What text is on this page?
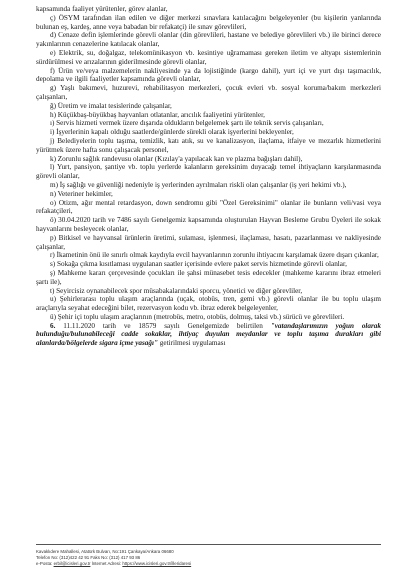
kapsamında faaliyet yürütenler, görev alanlar,

ç) ÖSYM tarafından ilan edilen ve diğer merkezi sınavlara katılacağını belgeleyenler (bu kişilerin yanlarında bulunan eş, kardeş, anne veya babadan bir refakatçi) ile sınav görevlileri,

d) Cenaze defin işlemlerinde görevli olanlar (din görevlileri, hastane ve belediye görevlileri vb.) ile birinci derece yakınlarının cenazelerine katılacak olanlar,

e) Elektrik, su, doğalgaz, telekomünikasyon vb. kesintiye uğramaması gereken iletim ve altyapı sistemlerinin sürdürülmesi ve arızalarının giderilmesinde görevli olanlar,

f) Ürün ve/veya malzemelerin nakliyesinde ya da lojistiğinde (kargo dahil), yurt içi ve yurt dışı taşımacılık, depolama ve ilgili faaliyetler kapsamında görevli olanlar,

g) Yaşlı bakımevi, huzurevi, rehabilitasyon merkezleri, çocuk evleri vb. sosyal koruma/bakım merkezleri çalışanları,

ğ) Üretim ve imalat tesislerinde çalışanlar,

h) Küçükbaş-büyükbaş hayvanları otlatanlar, arıcılık faaliyetini yürütenler,

ı) Servis hizmeti vermek üzere dışarıda oldukların belgelemek şartı ile teknik servis çalışanları,

i) İşyerlerinin kapalı olduğu saatlerde/günlerde sürekli olarak işyerlerini bekleyenler,

j) Belediyelerin toplu taşıma, temizlik, katı atık, su ve kanalizasyon, ilaçlama, itfaiye ve mezarlık hizmetlerini yürütmek üzere hafta sonu çalışacak personel,

k) Zorunlu sağlık randevusu olanlar (Kızılay'a yapılacak kan ve plazma bağışları dahil),

l) Yurt, pansiyon, şantiye vb. toplu yerlerde kalanların gereksinim duyacağı temel ihtiyaçların karşılanmasında görevli olanlar,

m) İş sağlığı ve güvenliği nedeniyle iş yerlerinden ayrılmaları riskli olan çalışanlar (iş yeri hekimi vb.),

n) Veteriner hekimler,

o) Otizm, ağır mental retardasyon, down sendromu gibi "Özel Gereksinimi" olanlar ile bunların veli/vasi veya refakatçileri,

ö) 30.04.2020 tarih ve 7486 sayılı Genelgemiz kapsamında oluşturulan Hayvan Besleme Grubu Üyeleri ile sokak hayvanlarını besleyecek olanlar,

p) Bitkisel ve hayvansal ürünlerin üretimi, sulaması, işlenmesi, ilaçlaması, hasatı, pazarlanması ve nakliyesinde çalışanlar,

r) İkametinin önü ile sınırlı olmak kaydıyla evcil hayvanlarının zorunlu ihtiyacını karşılamak üzere dışarı çıkanlar,

s) Sokağa çıkma kısıtlaması uygulanan saatler içerisinde evlere paket servis hizmetinde görevli olanlar,

ş) Mahkeme kararı çerçevesinde çocukları ile şahsi münasebet tesis edecekler (mahkeme kararını ibraz etmeleri şartı ile),

t) Seyircisiz oynanabilecek spor müsabakalarındaki sporcu, yönetici ve diğer görevliler,

u) Şehirlerarası toplu ulaşım araçlarında (uçak, otobüs, tren, gemi vb.) görevli olanlar ile bu toplu ulaşım araçlarıyla seyahat edeceğini bilet, rezervasyon kodu vb. ibraz ederek belgeleyenler,

ü) Şehir içi toplu ulaşım araçlarının (metrobüs, metro, otobüs, dolmuş, taksi vb.) sürücü ve görevlileri.

6. 11.11.2020 tarih ve 18579 sayılı Genelgemizde belirtilen "vatandaşlarımızın yoğun olarak bulunduğu/bulunabileceği cadde sokaklar, ihtiyaç duyulan meydanlar ve toplu taşıma durakları gibi alanlarda/bölgelerde sigara içme yasağı" getirilmesi uygulaması

Kavaklıdere Mahallesi, Atatürk Bulvarı, No:191 Çankaya/Ankara 06680
Telefon No: (312)422 42 91 Faks No: (312) 417 93 86
e-Posta: erbil@icisleri.gov.tr İnternet Adresi: https://www.icisleri.gov.tr/illeridaresi
